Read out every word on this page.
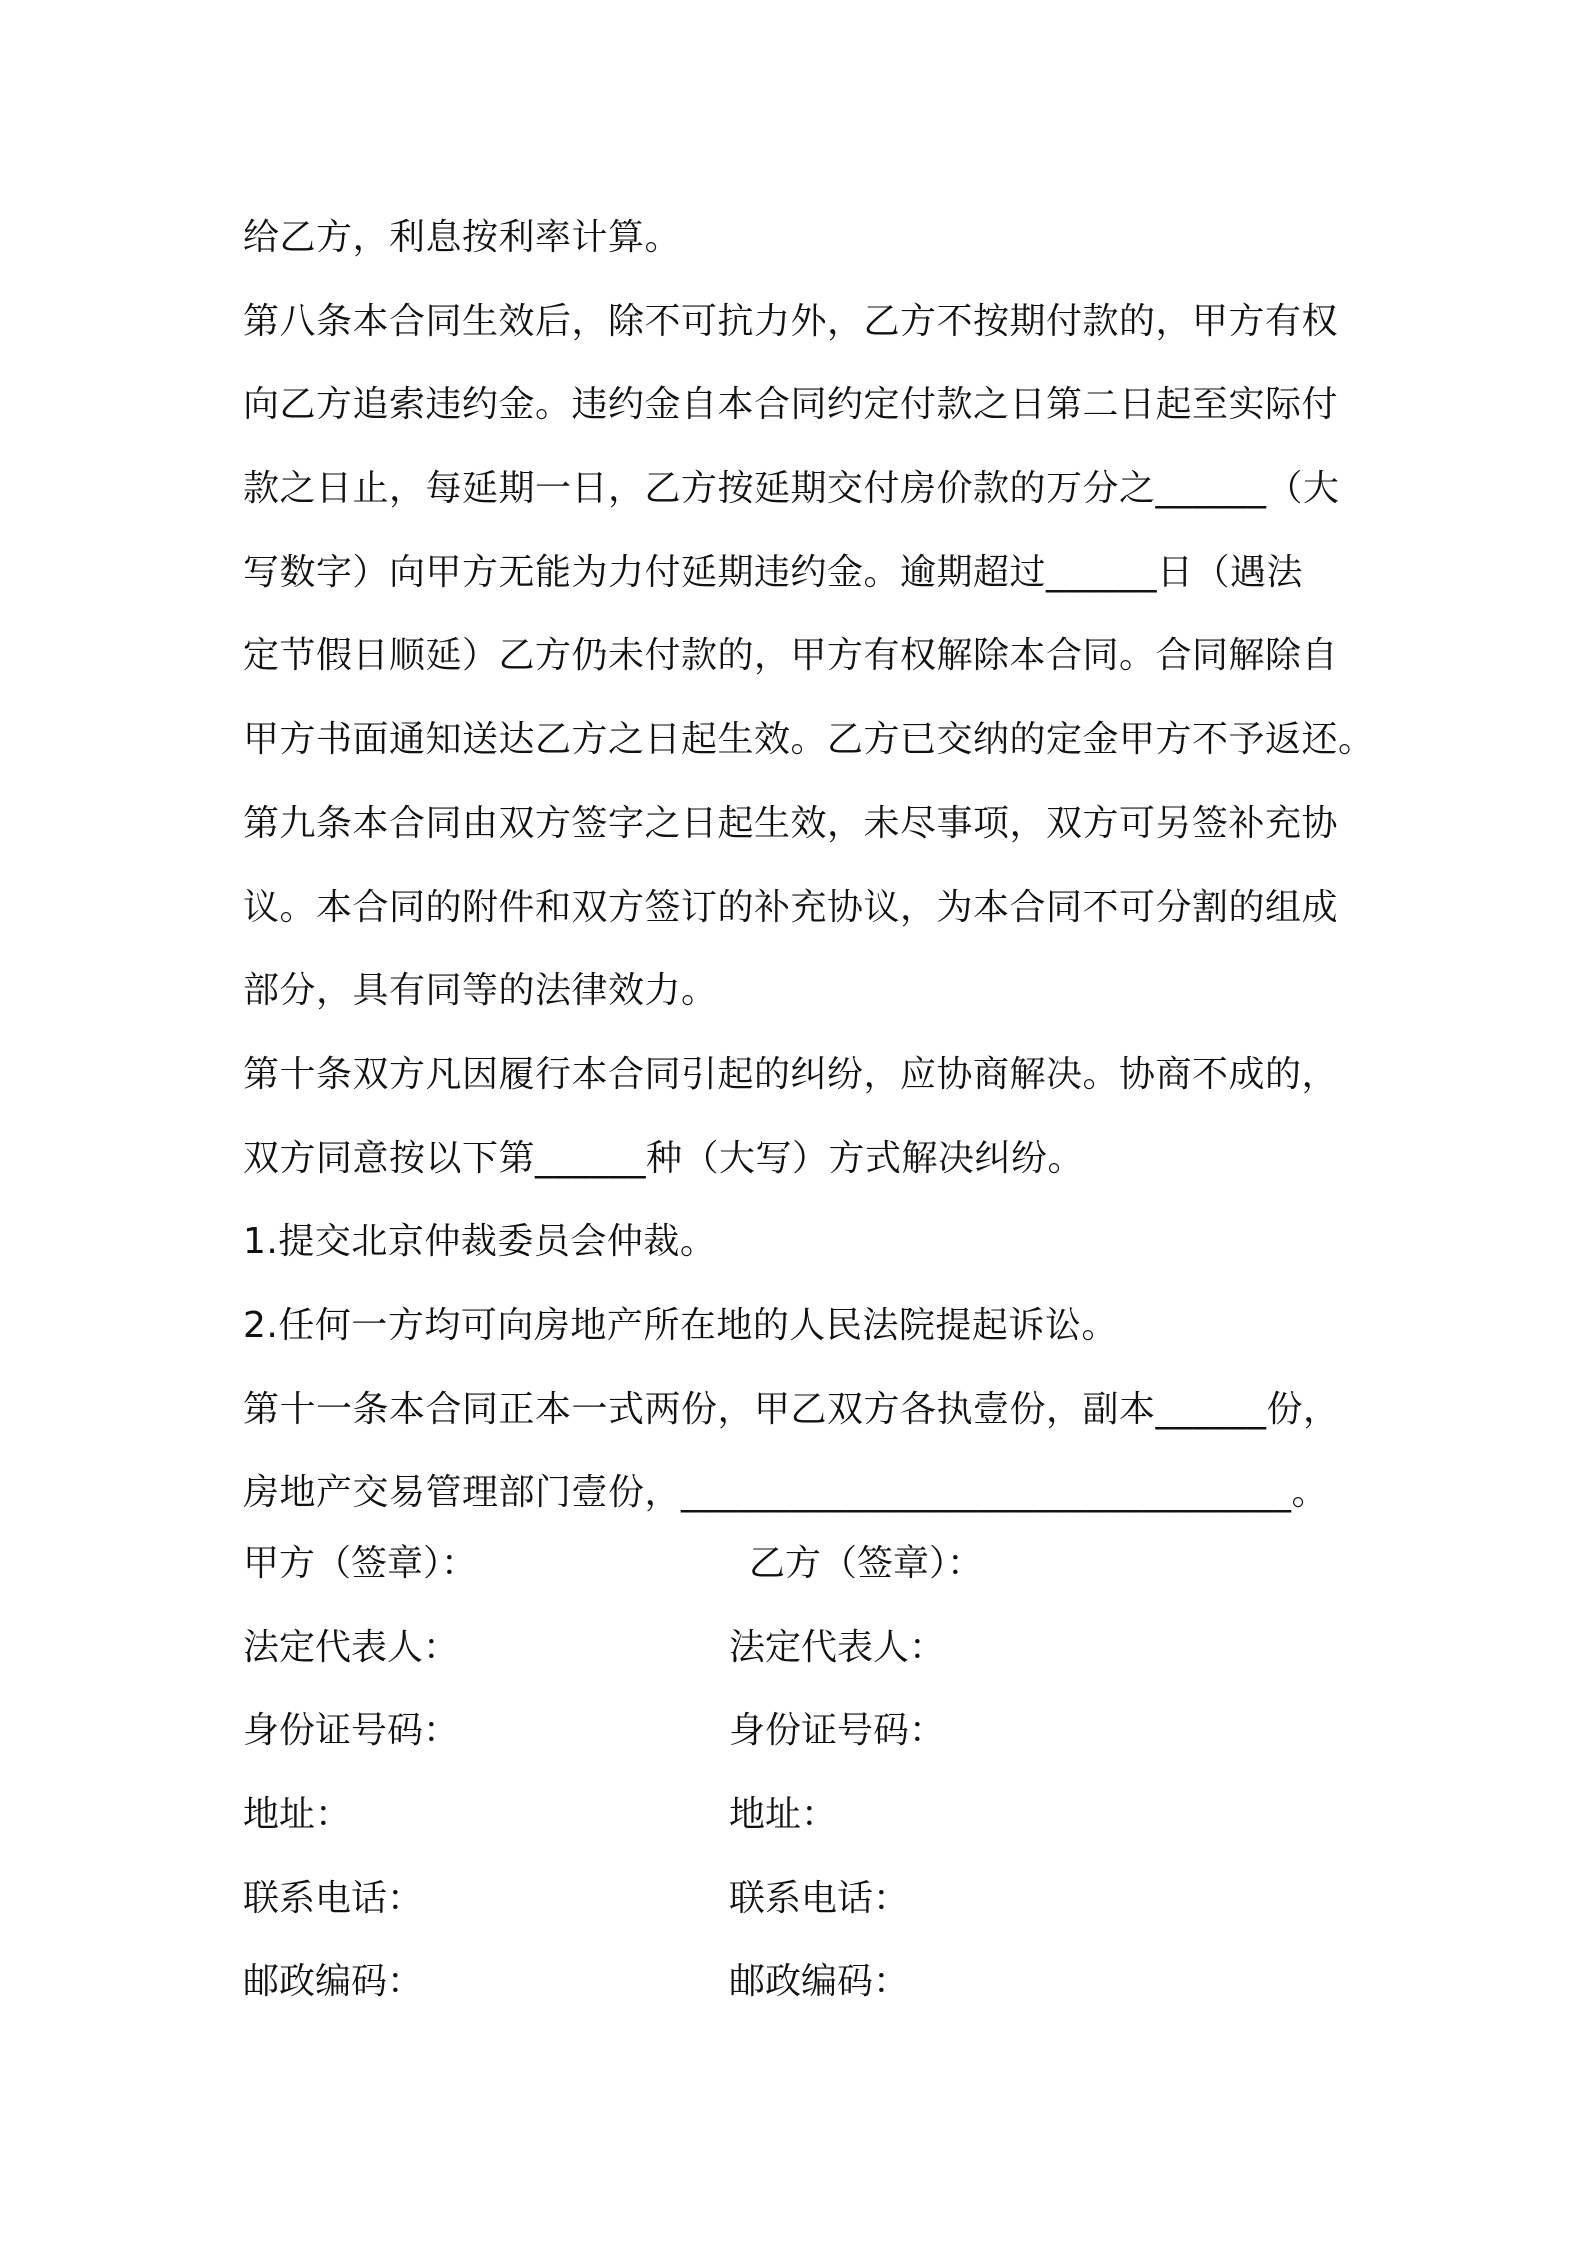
给乙方，利息按利率计算。
第八条本合同生效后，除不可抗力外，乙方不按期付款的，甲方有权
向乙方追索违约金。违约金自本合同约定付款之日第二日起至实际付
款之日止，每延期一日，乙方按延期交付房价款的万分之______（大
写数字）向甲方无能为力付延期违约金。逾期超过______日（遇法
定节假日顺延）乙方仍未付款的，甲方有权解除本合同。合同解除自
甲方书面通知送达乙方之日起生效。乙方已交纳的定金甲方不予返还。
第九条本合同由双方签字之日起生效，未尽事项，双方可另签补充协
议。本合同的附件和双方签订的补充协议，为本合同不可分割的组成
部分，具有同等的法律效力。
第十条双方凡因履行本合同引起的纠纷，应协商解决。协商不成的，
双方同意按以下第______种（大写）方式解决纠纷。
1.提交北京仲裁委员会仲裁。
2.任何一方均可向房地产所在地的人民法院提起诉讼。
第十一条本合同正本一式两份，甲乙双方各执壹份，副本______份，
房地产交易管理部门壹份，_________________________________。
甲方（签章）：	乙方（签章）：
法定代表人：	法定代表人：
身份证号码：	身份证号码：
地址：	地址：
联系电话：	联系电话：
邮政编码：	邮政编码：
